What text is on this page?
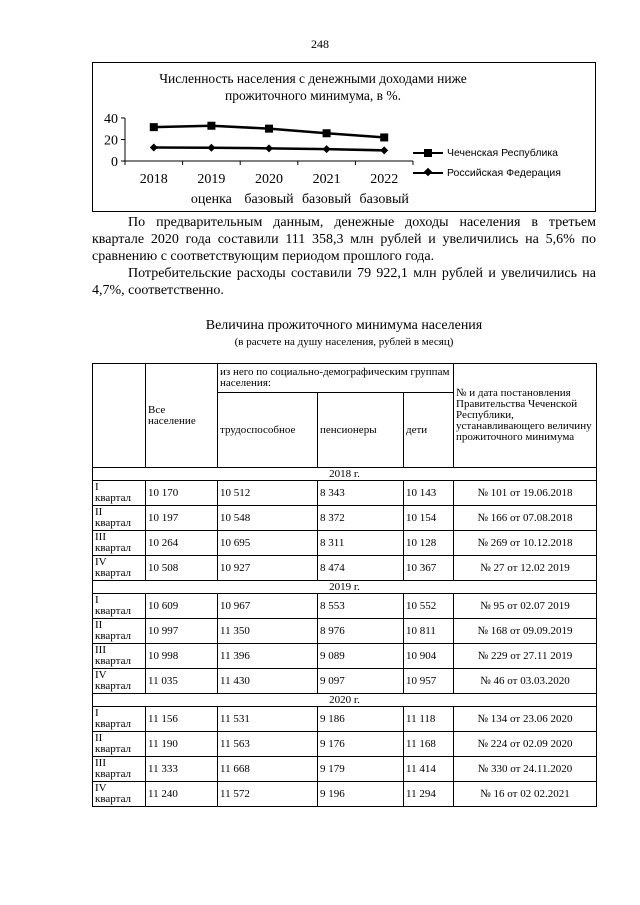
248
Численность населения с денежными доходами ниже
прожиточного минимума, в %.
40
20
0
2018 2019
оценка
2020
базовый
2021
базовый
2022
базовый
Чеченская Республика
Российская Федерация
По предварительным данным, денежные доходы населения в третьем квартале 2020 года составили 111 358,3 млн рублей и увеличились на 5,6% по сравнению с соответствующим периодом прошлого года.
Потребительские расходы составили 79 922,1 млн рублей и увеличились на 4,7%, соответственно.
Величина прожиточного минимума населения
(в расчете на душу населения, рублей в месяц)
	Все население	из него по социально-демографическим группам населения:			№ и дата постановления Правительства Чеченской Республики, устанавливающего величину прожиточного минимума
		трудоспособное	пенсионеры	дети	
2018 г.					

I
квартал	10 170	10 512	8 343	10 143	№ 101 от 19.06.2018

II
квартал	10 197	10 548	8 372	10 154	№ 166 от 07.08.2018

III
квартал	10 264	10 695	8 311	10 128	№ 269 от 10.12.2018

IV
квартал	10 508	10 927	8 474	10 367	№ 27 от 12.02 2019
2019 г.					

I
квартал	10 609	10 967	8 553	10 552	№ 95 от 02.07 2019

II
квартал	10 997	11 350	8 976	10 811	№ 168 от 09.09.2019

III
квартал	10 998	11 396	9 089	10 904	№ 229 от 27.11 2019

IV
квартал	11 035	11 430	9 097	10 957	№ 46 от 03.03.2020
2020 г.					

I
квартал	11 156	11 531	9 186	11 118	№ 134 от 23.06 2020

II
квартал	11 190	11 563	9 176	11 168	№ 224 от 02.09 2020

III
квартал	11 333	11 668	9 179	11 414	№ 330 от 24.11.2020

IV
квартал	11 240	11 572	9 196	11 294	№ 16 от 02 02.2021
